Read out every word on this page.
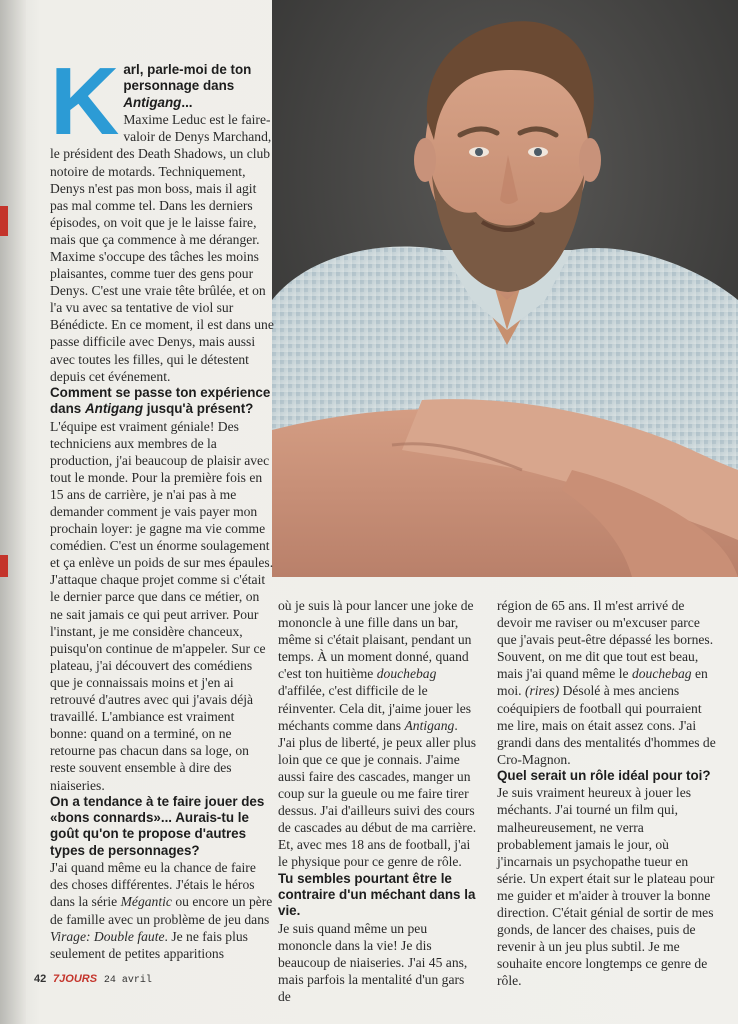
K arl, parle-moi de ton personnage dans Antigang...

Maxime Leduc est le faire-valoir de Denys Marchand, le président des Death Shadows, un club notoire de motards. Techniquement, Denys n'est pas mon boss, mais il agit pas mal comme tel. Dans les derniers épisodes, on voit que je le laisse faire, mais que ça commence à me déranger. Maxime s'occupe des tâches les moins plaisantes, comme tuer des gens pour Denys. C'est une vraie tête brûlée, et on l'a vu avec sa tentative de viol sur Bénédicte. En ce moment, il est dans une passe difficile avec Denys, mais aussi avec toutes les filles, qui le détestent depuis cet événement.

Comment se passe ton expérience dans Antigang jusqu'à présent?

L'équipe est vraiment géniale! Des techniciens aux membres de la production, j'ai beaucoup de plaisir avec tout le monde. Pour la première fois en 15 ans de carrière, je n'ai pas à me demander comment je vais payer mon prochain loyer: je gagne ma vie comme comédien. C'est un énorme soulagement et ça enlève un poids de sur mes épaules. J'attaque chaque projet comme si c'était le dernier parce que dans ce métier, on ne sait jamais ce qui peut arriver. Pour l'instant, je me considère chanceux, puisqu'on continue de m'appeler. Sur ce plateau, j'ai découvert des comédiens que je connaissais moins et j'en ai retrouvé d'autres avec qui j'avais déjà travaillé. L'ambiance est vraiment bonne: quand on a terminé, on ne retourne pas chacun dans sa loge, on reste souvent ensemble à dire des niaiseries.

On a tendance à te faire jouer des «bons connards»... Aurais-tu le goût qu'on te propose d'autres types de personnages?

J'ai quand même eu la chance de faire des choses différentes. J'étais le héros dans la série Mégantic ou encore un père de famille avec un problème de jeu dans Virage: Double faute. Je ne fais plus seulement de petites apparitions

où je suis là pour lancer une joke de mononcle à une fille dans un bar, même si c'était plaisant, pendant un temps. À un moment donné, quand c'est ton huitième douchebag d'affilée, c'est difficile de le réinventer. Cela dit, j'aime jouer les méchants comme dans Antigang. J'ai plus de liberté, je peux aller plus loin que ce que je connais. J'aime aussi faire des cascades, manger un coup sur la gueule ou me faire tirer dessus. J'ai d'ailleurs suivi des cours de cascades au début de ma carrière. Et, avec mes 18 ans de football, j'ai le physique pour ce genre de rôle.

Tu sembles pourtant être le contraire d'un méchant dans la vie.

Je suis quand même un peu mononcle dans la vie! Je dis beaucoup de niaiseries. J'ai 45 ans, mais parfois la mentalité d'un gars de

région de 65 ans. Il m'est arrivé de devoir me raviser ou m'excuser parce que j'avais peut-être dépassé les bornes. Souvent, on me dit que tout est beau, mais j'ai quand même le douchebag en moi. (rires) Désolé à mes anciens coéquipiers de football qui pourraient me lire, mais on était assez cons. J'ai grandi dans des mentalités d'hommes de Cro-Magnon.

Quel serait un rôle idéal pour toi?

Je suis vraiment heureux à jouer les méchants. J'ai tourné un film qui, malheureusement, ne verra probablement jamais le jour, où j'incarnais un psychopathe tueur en série. Un expert était sur le plateau pour me guider et m'aider à trouver la bonne direction. C'était génial de sortir de mes gonds, de lancer des chaises, puis de revenir à un jeu plus subtil. Je me souhaite encore longtemps ce genre de rôle.

42 7JOURS 24 avril
